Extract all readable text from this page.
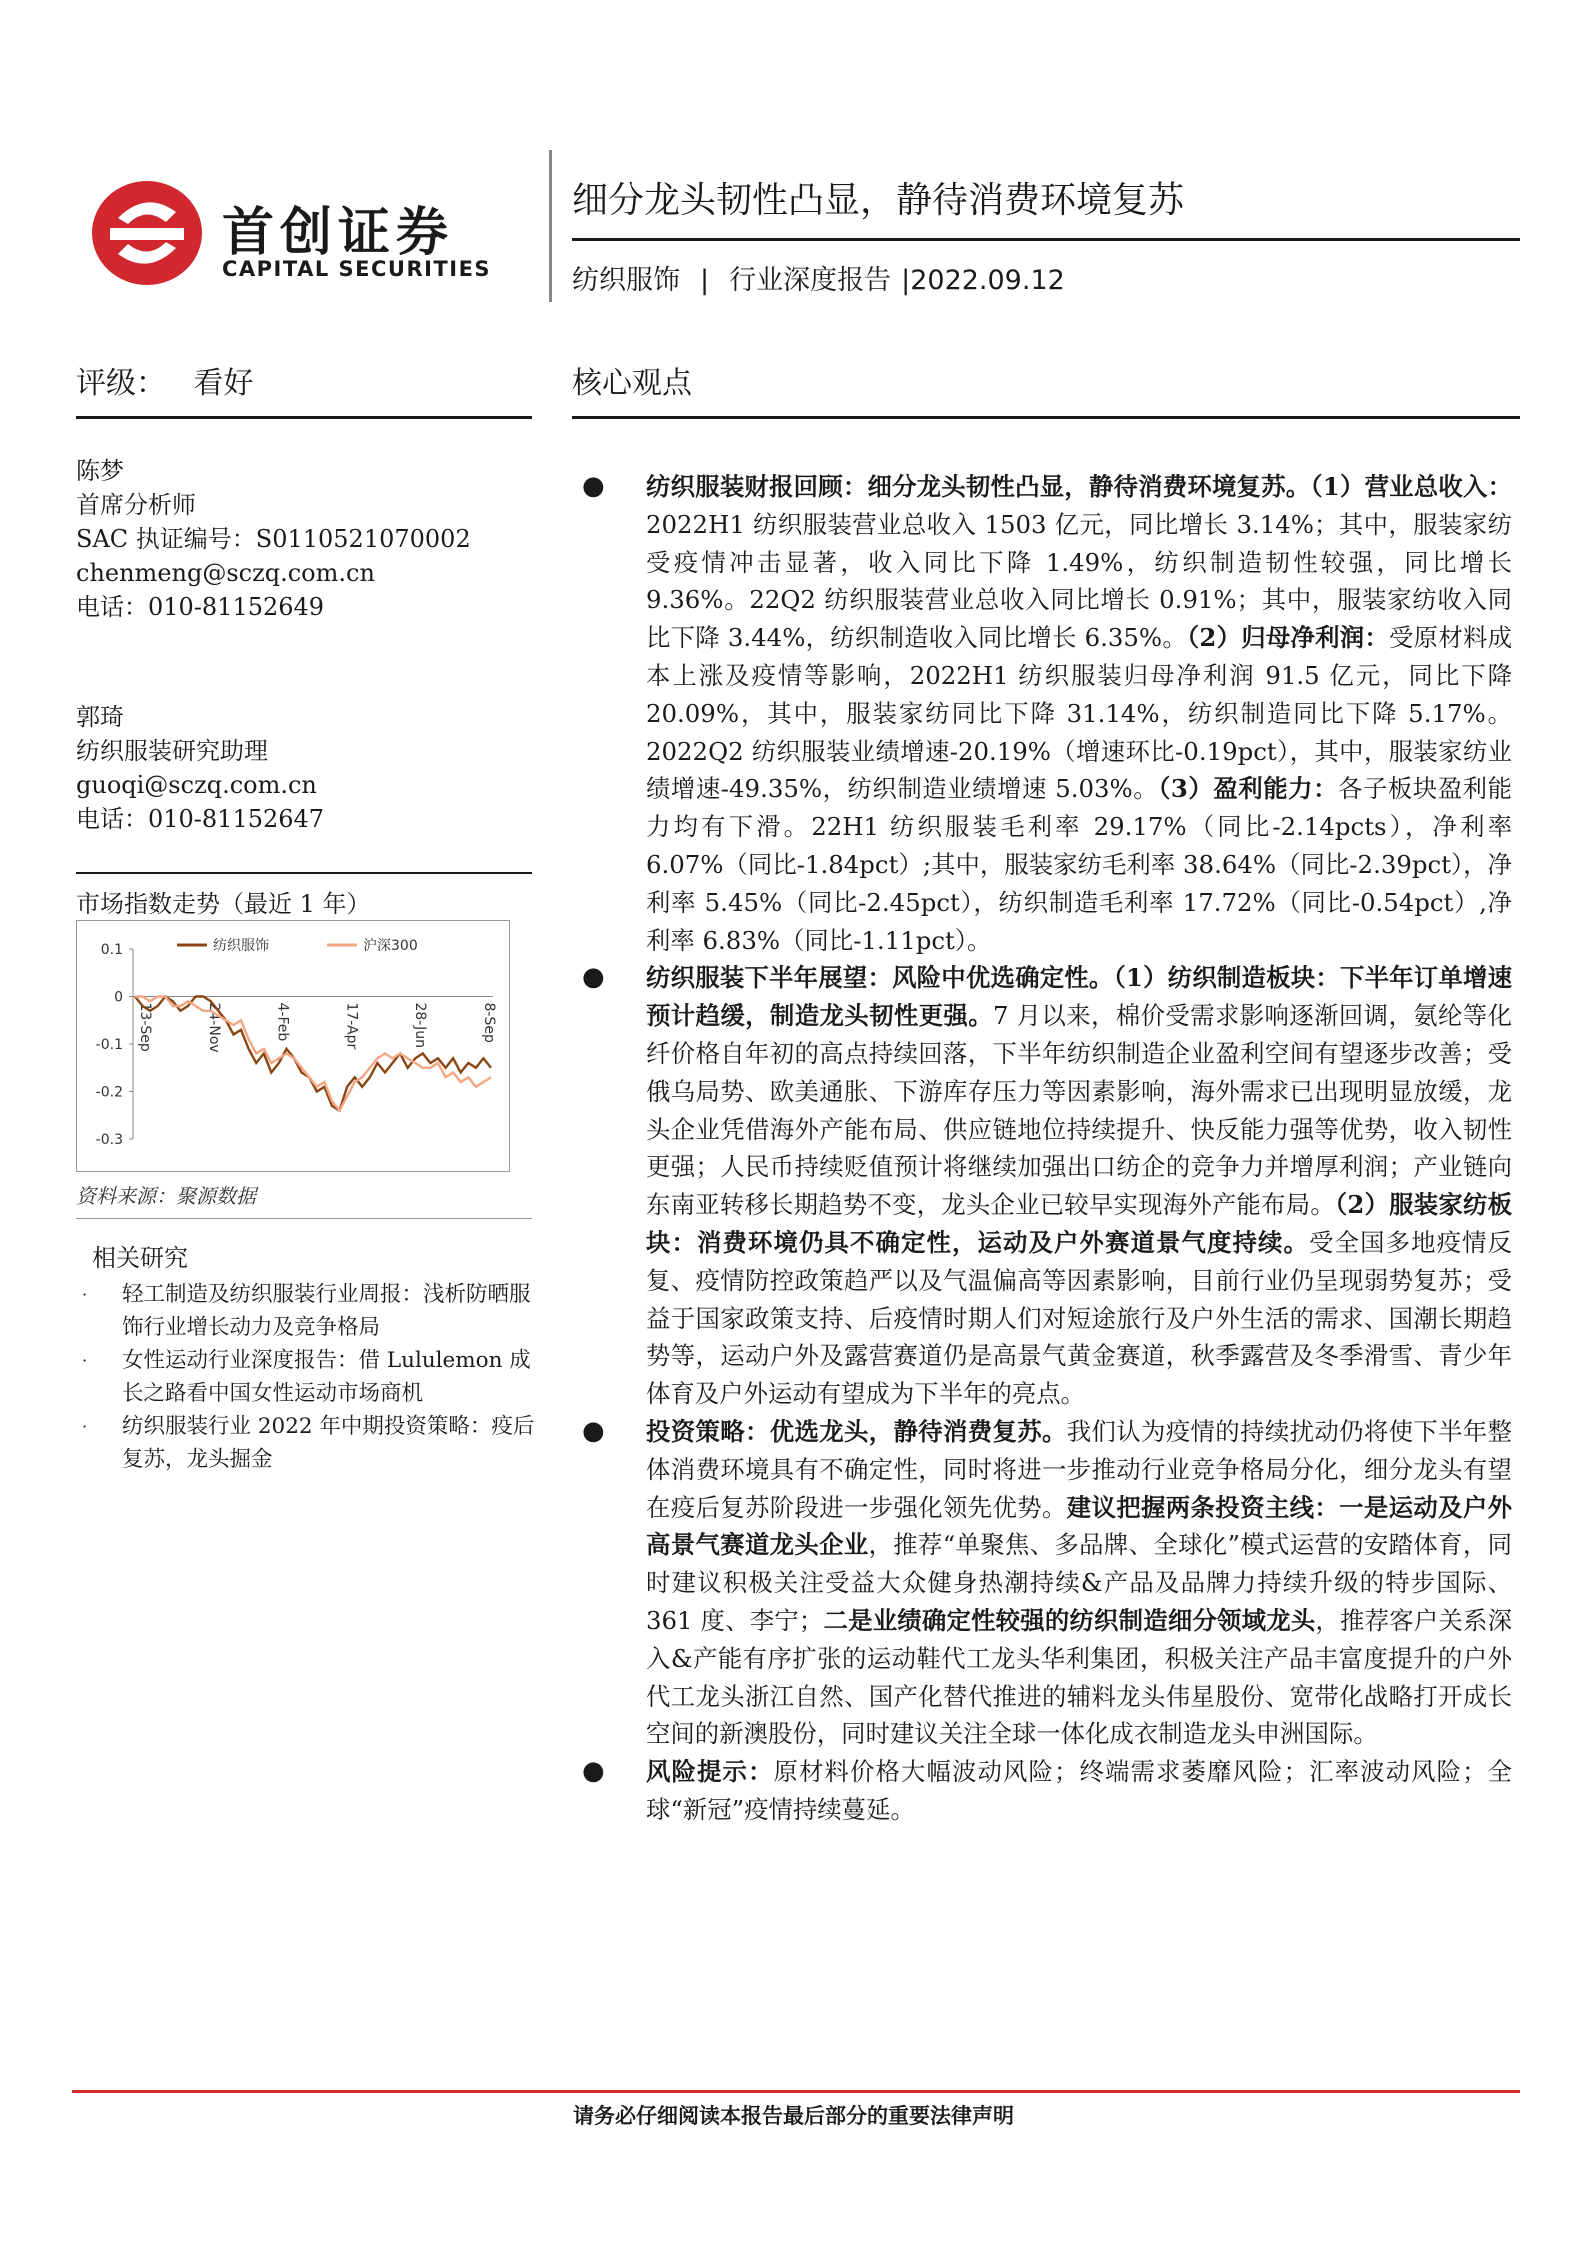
首创证券
CAPITAL SECURITIES
细分龙头韧性凸显，静待消费环境复苏
纺织服饰 | 行业深度报告 |2022.09.12
评级： 看好	核心观点
陈梦
首席分析师
SAC 执证编号：S0110521070002
chenmeng@sczq.com.cn
电话：010-81152649
郭琦
纺织服装研究助理
guoqi@sczq.com.cn
电话：010-81152647
市场指数走势（最近 1 年）
0.1
0
-0.1
-0.2
-0.3
13-Sep	24-Nov	4-Feb	17-Apr	28-Jun	8-Sep
纺织服饰	沪深300
资料来源：聚源数据
相关研究
· 轻工制造及纺织服装行业周报：浅析防晒服饰行业增长动力及竞争格局
· 女性运动行业深度报告：借 Lululemon 成长之路看中国女性运动市场商机
· 纺织服装行业 2022 年中期投资策略：疫后复苏，龙头掘金
● 纺织服装财报回顾：细分龙头韧性凸显，静待消费环境复苏。（1）营业总收入：2022H1 纺织服装营业总收入 1503 亿元，同比增长 3.14%；其中，服装家纺受疫情冲击显著，收入同比下降 1.49%，纺织制造韧性较强，同比增长 9.36%。22Q2 纺织服装营业总收入同比增长 0.91%；其中，服装家纺收入同比下降 3.44%，纺织制造收入同比增长 6.35%。（2）归母净利润：受原材料成本上涨及疫情等影响，2022H1 纺织服装归母净利润 91.5 亿元，同比下降 20.09%，其中，服装家纺同比下降 31.14%，纺织制造同比下降 5.17%。2022Q2 纺织服装业绩增速-20.19%（增速环比-0.19pct），其中，服装家纺业绩增速-49.35%，纺织制造业绩增速 5.03%。（3）盈利能力：各子板块盈利能力均有下滑。22H1 纺织服装毛利率 29.17%（同比-2.14pcts），净利率 6.07%（同比-1.84pct）;其中，服装家纺毛利率 38.64%（同比-2.39pct），净利率 5.45%（同比-2.45pct），纺织制造毛利率 17.72%（同比-0.54pct）,净利率 6.83%（同比-1.11pct）。

● 纺织服装下半年展望：风险中优选确定性。（1）纺织制造板块：下半年订单增速预计趋缓，制造龙头韧性更强。7 月以来，棉价受需求影响逐渐回调，氨纶等化纤价格自年初的高点持续回落，下半年纺织制造企业盈利空间有望逐步改善；受俄乌局势、欧美通胀、下游库存压力等因素影响，海外需求已出现明显放缓，龙头企业凭借海外产能布局、供应链地位持续提升、快反能力强等优势，收入韧性更强；人民币持续贬值预计将继续加强出口纺企的竞争力并增厚利润；产业链向东南亚转移长期趋势不变，龙头企业已较早实现海外产能布局。（2）服装家纺板块：消费环境仍具不确定性，运动及户外赛道景气度持续。受全国多地疫情反复、疫情防控政策趋严以及气温偏高等因素影响，目前行业仍呈现弱势复苏；受益于国家政策支持、后疫情时期人们对短途旅行及户外生活的需求、国潮长期趋势等，运动户外及露营赛道仍是高景气黄金赛道，秋季露营及冬季滑雪、青少年体育及户外运动有望成为下半年的亮点。

● 投资策略：优选龙头，静待消费复苏。我们认为疫情的持续扰动仍将使下半年整体消费环境具有不确定性，同时将进一步推动行业竞争格局分化，细分龙头有望在疫后复苏阶段进一步强化领先优势。建议把握两条投资主线：一是运动及户外高景气赛道龙头企业，推荐“单聚焦、多品牌、全球化”模式运营的安踏体育，同时建议积极关注受益大众健身热潮持续&产品及品牌力持续升级的特步国际、361 度、李宁；二是业绩确定性较强的纺织制造细分领域龙头，推荐客户关系深入&产能有序扩张的运动鞋代工龙头华利集团，积极关注产品丰富度提升的户外代工龙头浙江自然、国产化替代推进的辅料龙头伟星股份、宽带化战略打开成长空间的新澳股份，同时建议关注全球一体化成衣制造龙头申洲国际。

● 风险提示：原材料价格大幅波动风险；终端需求萎靡风险；汇率波动风险；全球“新冠”疫情持续蔓延。

请务必仔细阅读本报告最后部分的重要法律声明
